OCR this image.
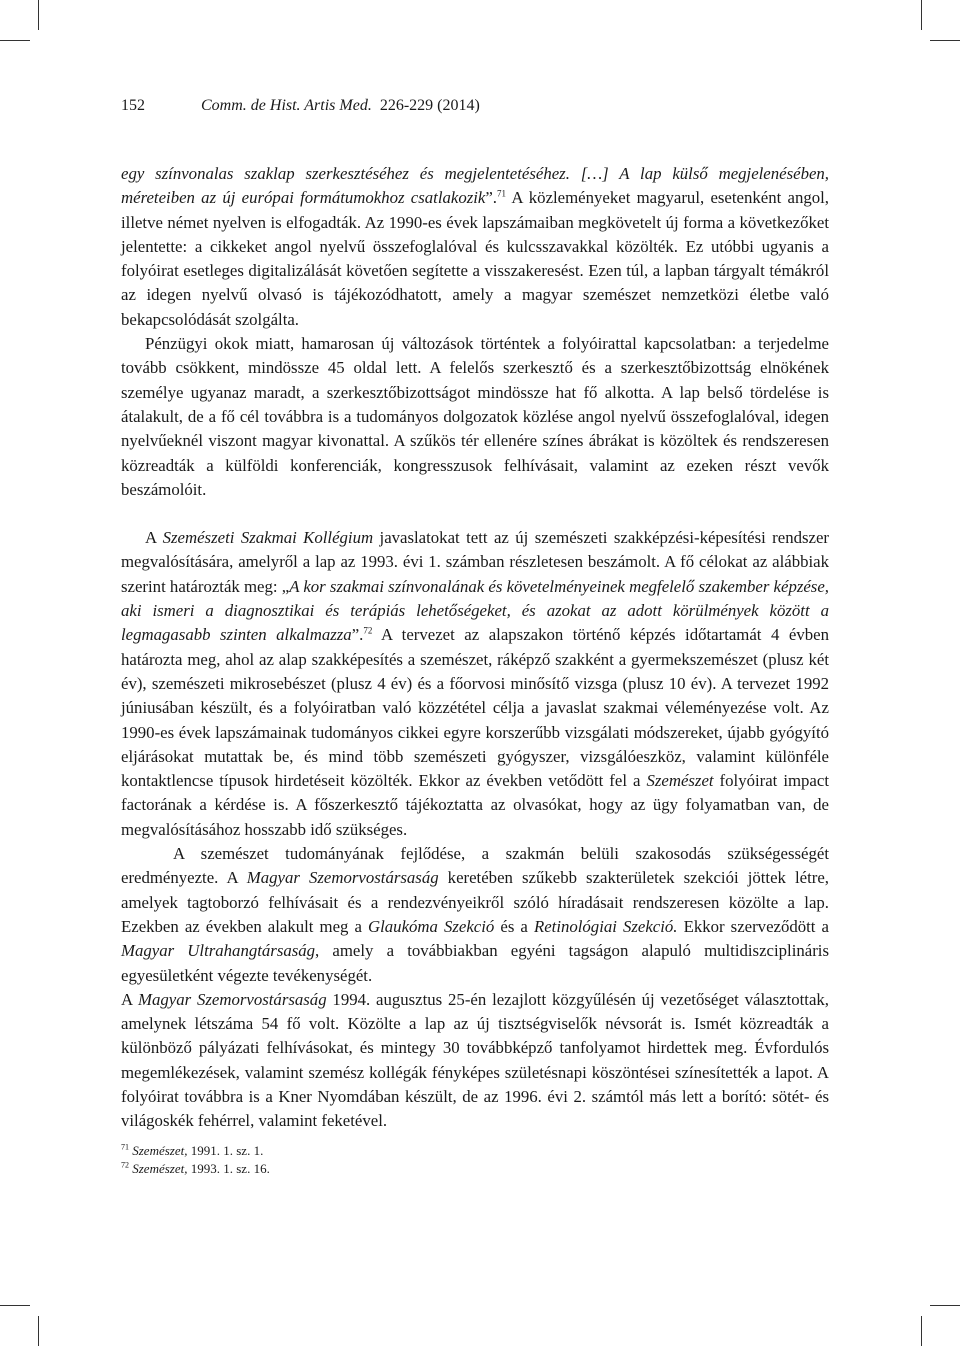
152	Comm. de Hist. Artis Med. 226-229 (2014)

egy színvonalas szaklap szerkesztéséhez és megjelentetéséhez. […] A lap külső megjelenésében, méreteiben az új európai formátumokhoz csatlakozik”.$^{71}$ A közleményeket magyarul, esetenként angol, illetve német nyelven is elfogadták. Az 1990-es évek lapszámaiban megkövetelt új forma a következőket jelentette: a cikkeket angol nyelvű összefoglalóval és kulcsszavakkal közölték. Ez utóbbi ugyanis a folyóirat esetleges digitalizálását követően segítette a visszakeresést. Ezen túl, a lapban tárgyalt témákról az idegen nyelvű olvasó is tájékozódhatott, amely a magyar szemészet nemzetközi életbe való bekapcsolódását szolgálta.

Pénzügyi okok miatt, hamarosan új változások történtek a folyóirattal kapcsolatban: a terjedelme tovább csökkent, mindössze 45 oldal lett. A felelős szerkesztő és a szerkesztőbizottság elnökének személye ugyanaz maradt, a szerkesztőbizottságot mindössze hat fő alkotta. A lap belső tördelése is átalakult, de a fő cél továbbra is a tudományos dolgozatok közlése angol nyelvű összefoglalóval, idegen nyelvűeknél viszont magyar kivonattal. A szűkös tér ellenére színes ábrákat is közöltek és rendszeresen közreadták a külföldi konferenciák, kongresszusok felhívásait, valamint az ezeken részt vevők beszámolóit.

A Szemészeti Szakmai Kollégium javaslatokat tett az új szemészeti szakképzési-képesítési rendszer megvalósítására, amelyről a lap az 1993. évi 1. számban részletesen beszámolt. A fő célokat az alábbiak szerint határozták meg: „A kor szakmai színvonalának és követelményeinek megfelelő szakember képzése, aki ismeri a diagnosztikai és terápiás lehetőségeket, és azokat az adott körülmények között a legmagasabb szinten alkalmazza”.$^{72}$ A tervezet az alapszakon történő képzés időtartamát 4 évben határozta meg, ahol az alap szakképesítés a szemészet, ráképző szakként a gyermekszemészet (plusz két év), szemészeti mikrosebészet (plusz 4 év) és a főorvosi minősítő vizsga (plusz 10 év). A tervezet 1992 júniusában készült, és a folyóiratban való közzététel célja a javaslat szakmai véleményezése volt. Az 1990-es évek lapszámainak tudományos cikkei egyre korszerűbb vizsgálati módszereket, újabb gyógyító eljárásokat mutattak be, és mind több szemészeti gyógyszer, vizsgálóeszköz, valamint különféle kontaktlencse típusok hirdetéseit közölték. Ekkor az években vetődött fel a Szemészet folyóirat impact factorának a kérdése is. A főszerkesztő tájékoztatta az olvasókat, hogy az ügy folyamatban van, de megvalósításához hosszabb idő szükséges.

A szemészet tudományának fejlődése, a szakmán belüli szakosodás szükségességét eredményezte. A Magyar Szemorvostársaság keretében szűkebb szakterületek szekciói jöttek létre, amelyek tagtoborzó felhívásait és a rendezvényeikről szóló híradásait rendszeresen közölte a lap. Ezekben az években alakult meg a Glaukóma Szekció és a Retinológiai Szekció. Ekkor szerveződött a Magyar Ultrahangtársaság, amely a továbbiakban egyéni tagságon alapuló multidiszciplináris egyesületként végezte tevékenységét.

A Magyar Szemorvostársaság 1994. augusztus 25-én lezajlott közgyűlésén új vezetőséget választottak, amelynek létszáma 54 fő volt. Közölte a lap az új tisztségviselők névsorát is. Ismét közreadták a különböző pályázati felhívásokat, és mintegy 30 továbbképző tanfolyamot hirdettek meg. Évfordulós megemlékezések, valamint szemész kollégák fényképes születésnapi köszöntései színesítették a lapot. A folyóirat továbbra is a Kner Nyomdában készült, de az 1996. évi 2. számtól más lett a borító: sötét- és világoskék fehérrel, valamint feketével.

$^{71}$ Szemészet, 1991. 1. sz. 1.
$^{72}$ Szemészet, 1993. 1. sz. 16.
